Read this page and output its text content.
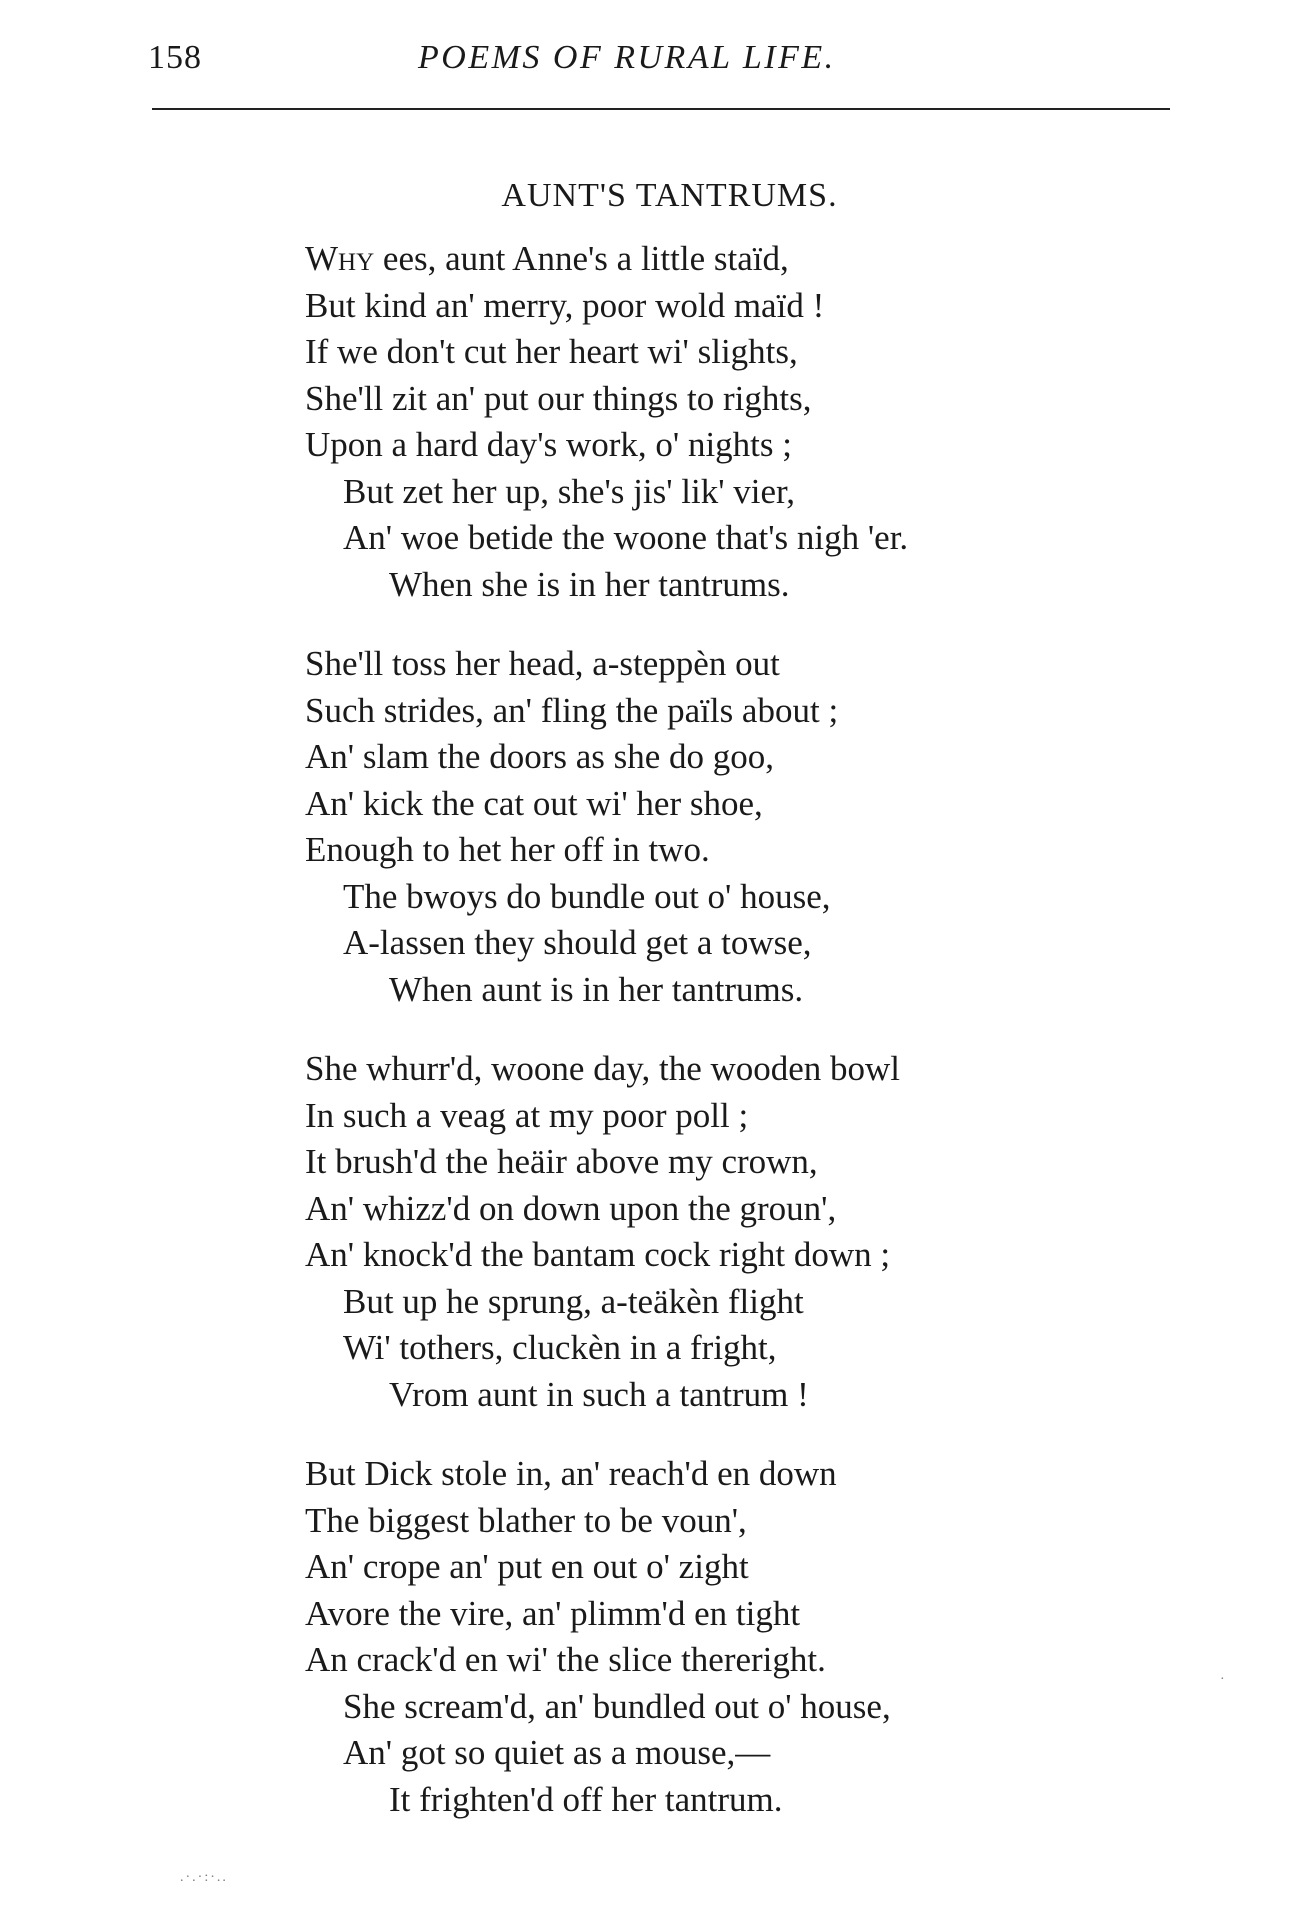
158	POEMS OF RURAL LIFE.
AUNT'S TANTRUMS.
Why ees, aunt Anne's a little staïd,
But kind an' merry, poor wold maïd !
If we don't cut her heart wi' slights,
She'll zit an' put our things to rights,
Upon a hard day's work, o' nights ;
But zet her up, she's jis' lik' vier,
An' woe betide the woone that's nigh 'er.
When she is in her tantrums.
She'll toss her head, a-steppèn out
Such strides, an' fling the païls about ;
An' slam the doors as she do goo,
An' kick the cat out wi' her shoe,
Enough to het her off in two.
The bwoys do bundle out o' house,
A-lassen they should get a towse,
When aunt is in her tantrums.
She whurr'd, woone day, the wooden bowl
In such a veag at my poor poll ;
It brush'd the heäir above my crown,
An' whizz'd on down upon the groun',
An' knock'd the bantam cock right down ;
But up he sprung, a-teäkèn flight
Wi' tothers, cluckèn in a fright,
Vrom aunt in such a tantrum !
But Dick stole in, an' reach'd en down
The biggest blather to be voun',
An' crope an' put en out o' zight
Avore the vire, an' plimm'd en tight
An crack'd en wi' the slice thereright.
She scream'd, an' bundled out o' house,
An' got so quiet as a mouse,—
It frighten'd off her tantrum.
·
.·.·:·..
